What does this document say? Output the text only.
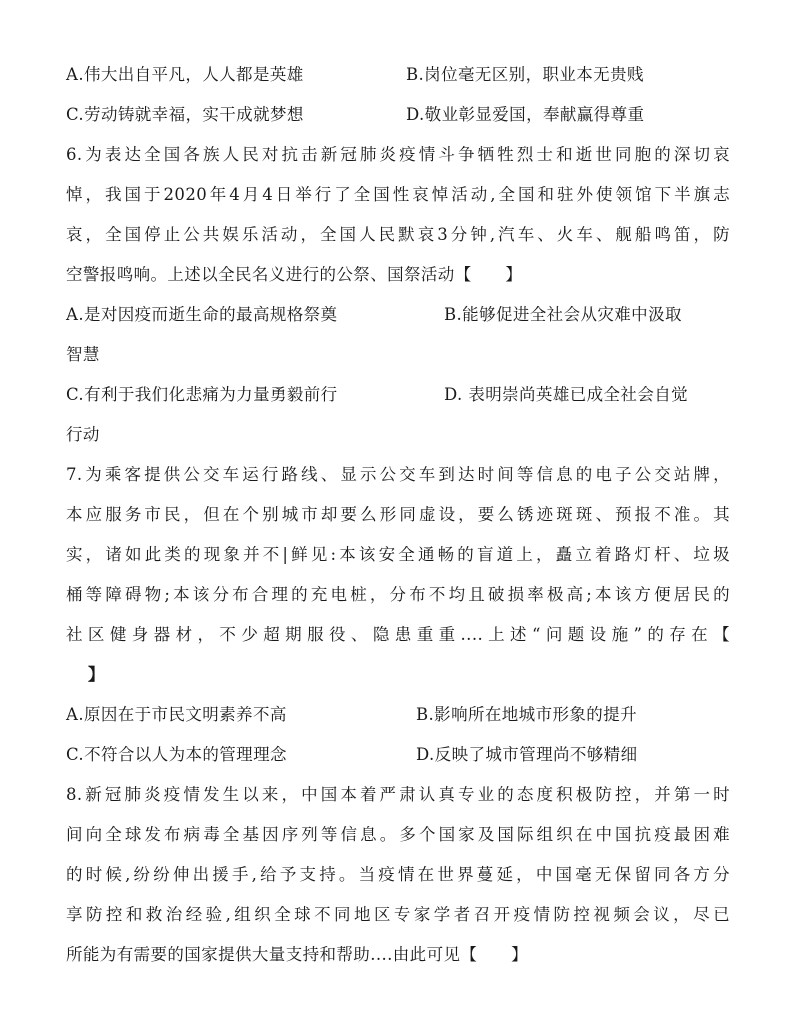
A.伟大出自平凡，人人都是英雄	B.岗位毫无区别，职业本无贵贱
C.劳动铸就幸福，实干成就梦想	D.敬业彰显爱国，奉献赢得尊重
6.为表达全国各族人民对抗击新冠肺炎疫情斗争牺牲烈士和逝世同胞的深切哀
悼，我国于2020年4月4日举行了全国性哀悼活动,全国和驻外使领馆下半旗志
哀，全国停止公共娱乐活动，全国人民默哀3分钟,汽车、火车、舰船鸣笛，防
空警报鸣响。上述以全民名义进行的公祭、国祭活动【　　】
A.是对因疫而逝生命的最高规格祭奠	B.能够促进全社会从灾难中汲取
智慧
C.有利于我们化悲痛为力量勇毅前行	D. 表明崇尚英雄已成全社会自觉
行动
7.为乘客提供公交车运行路线、显示公交车到达时间等信息的电子公交站牌，
本应服务市民，但在个别城市却要么形同虚设，要么锈迹斑斑、预报不准。其
实，诸如此类的现象并不|鲜见:本该安全通畅的盲道上，矗立着路灯杆、垃圾
桶等障碍物;本该分布合理的充电桩，分布不均且破损率极高;本该方便居民的
社区健身器材，不少超期服役、隐患重重....上述“问题设施”的存在【
】
A.原因在于市民文明素养不高	B.影响所在地城市形象的提升
C.不符合以人为本的管理理念	D.反映了城市管理尚不够精细
8.新冠肺炎疫情发生以来，中国本着严肃认真专业的态度积极防控，并第一时
间向全球发布病毒全基因序列等信息。多个国家及国际组织在中国抗疫最困难
的时候,纷纷伸出援手,给予支持。当疫情在世界蔓延，中国毫无保留同各方分
享防控和救治经验,组织全球不同地区专家学者召开疫情防控视频会议，尽已
所能为有需要的国家提供大量支持和帮助....由此可见【　　】
